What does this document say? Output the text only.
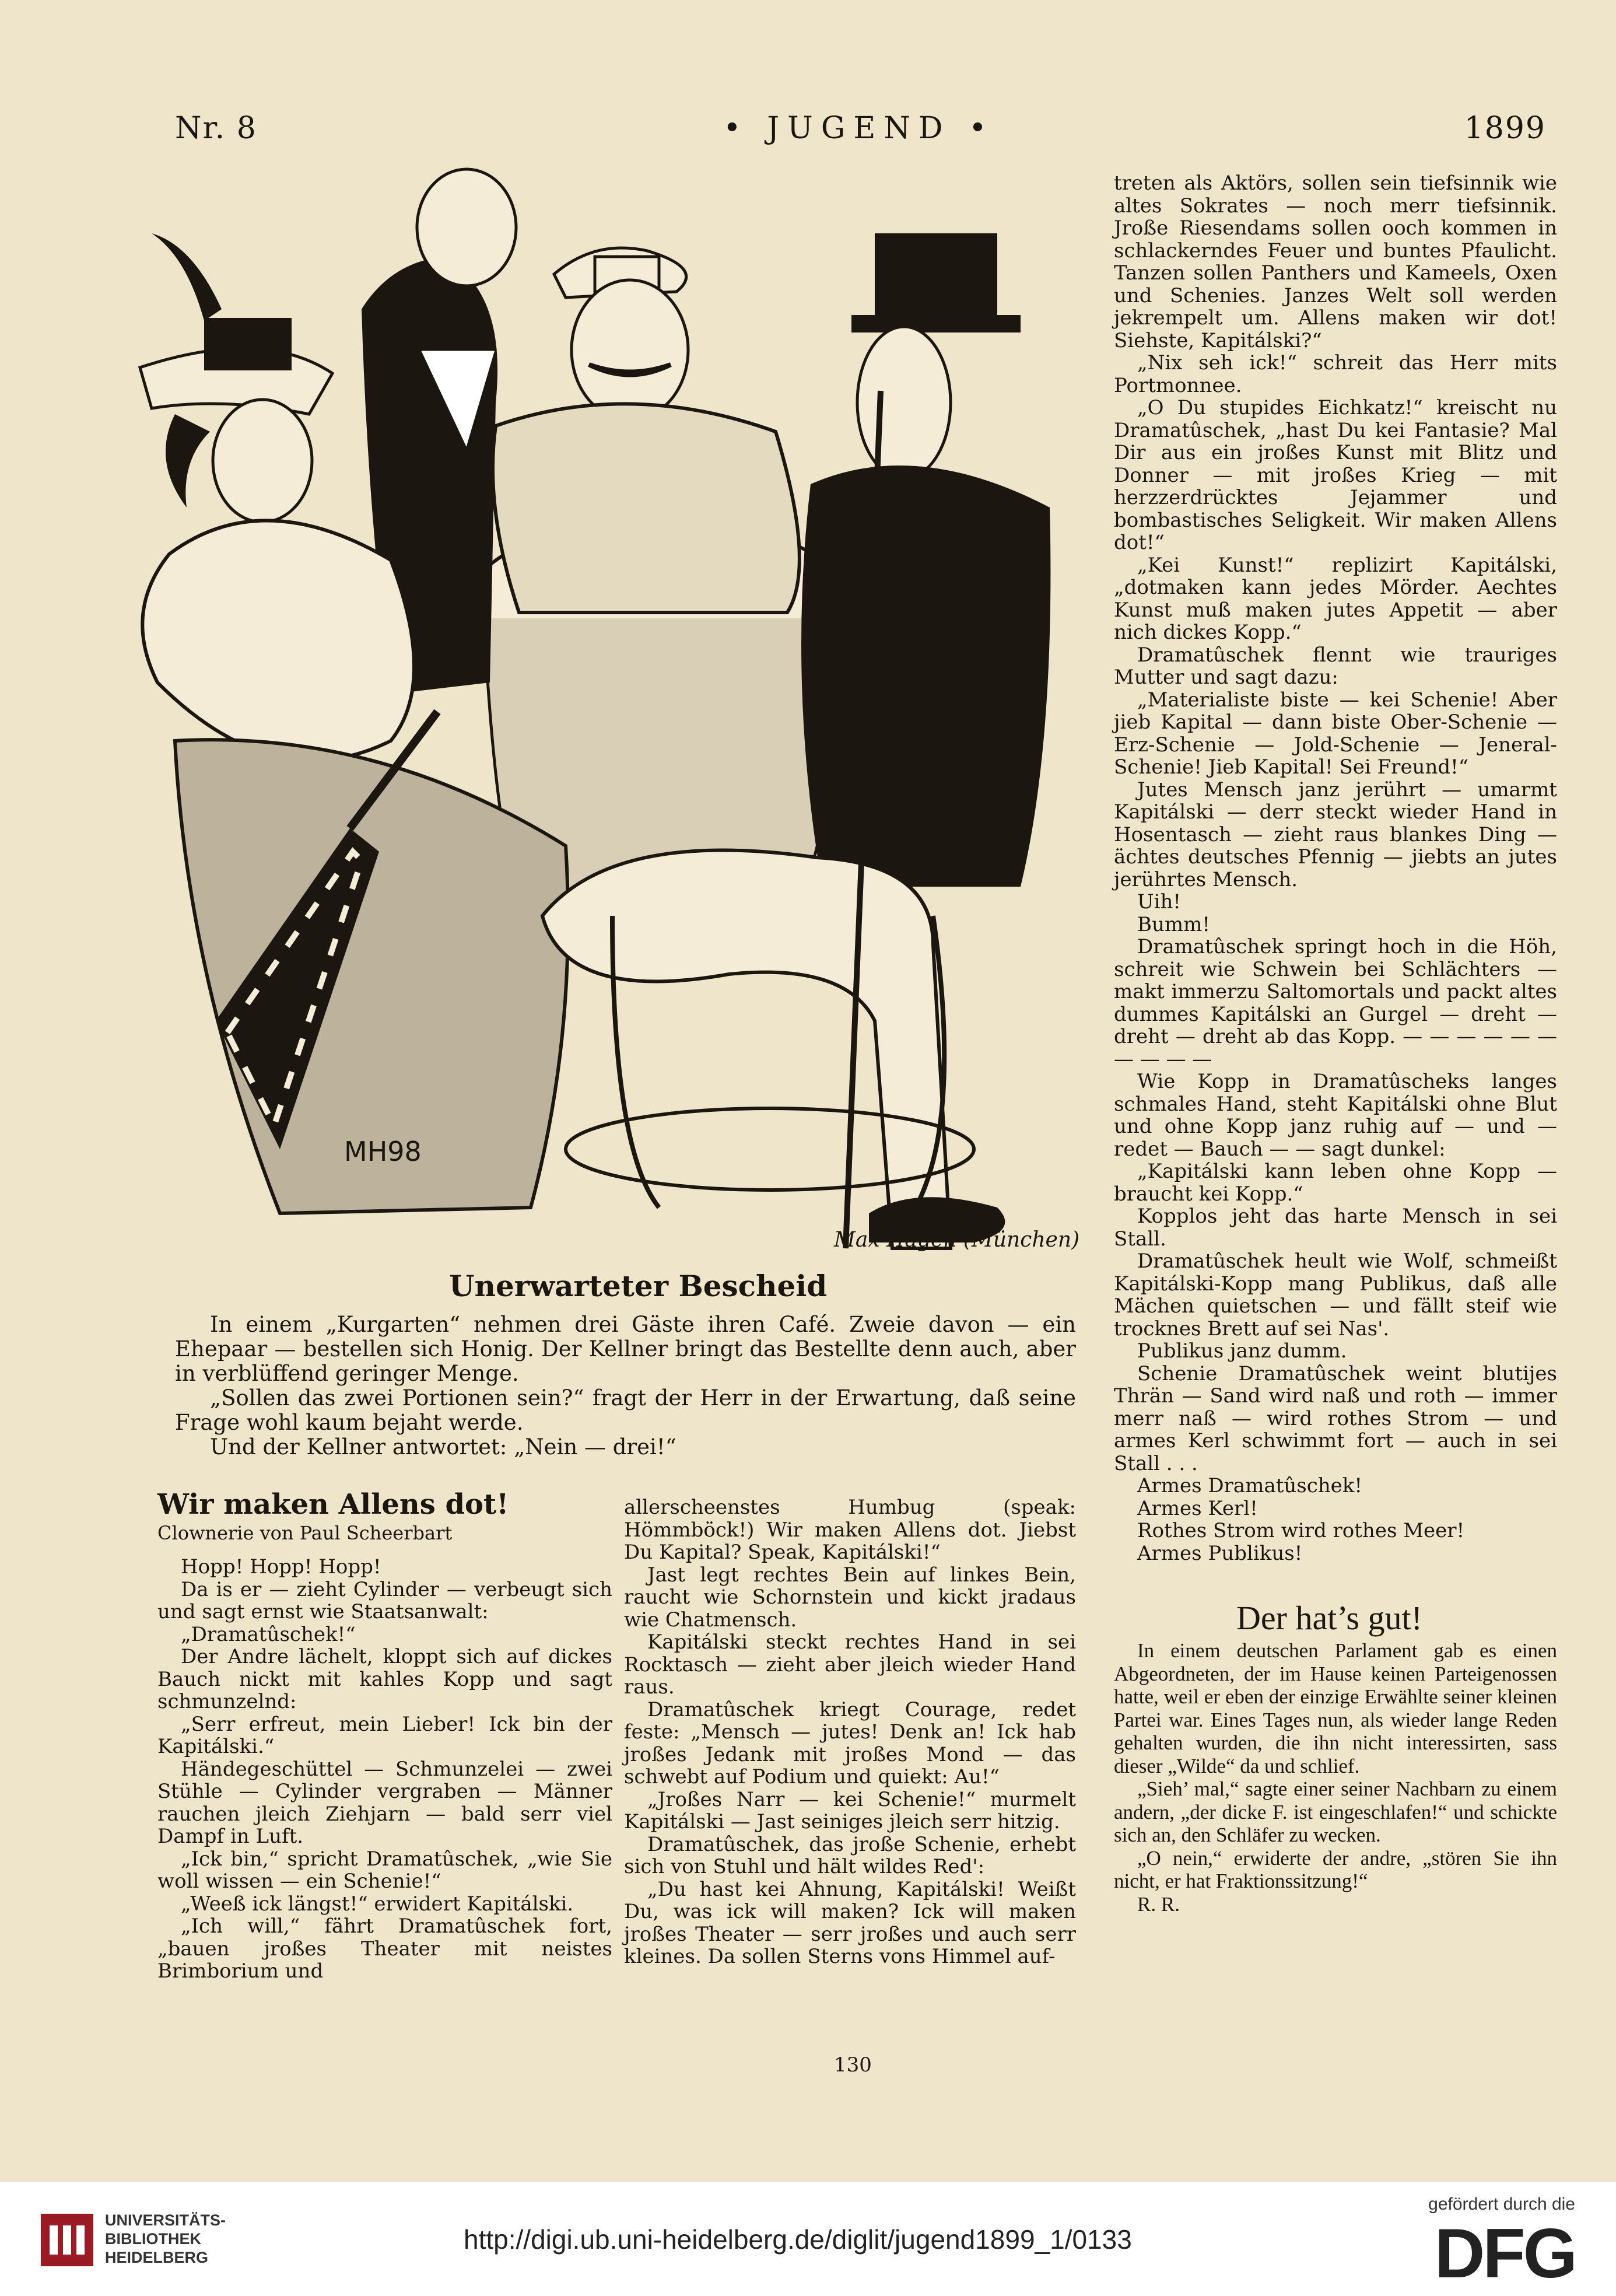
Nr. 8	• JUGEND •	1899
MH98
Max Hagen (München)
Unerwarteter Bescheid

In einem „Kurgarten“ nehmen drei Gäste ihren Café. Zweie davon — ein Ehepaar — bestellen sich Honig. Der Kellner bringt das Bestellte denn auch, aber in verblüffend geringer Menge.

„Sollen das zwei Portionen sein?“ fragt der Herr in der Erwartung, daß seine Frage wohl kaum bejaht werde.

Und der Kellner antwortet: „Nein — drei!“

Wir maken Allens dot!

Clownerie von Paul Scheerbart

Hopp! Hopp! Hopp!

Da is er — zieht Cylinder — verbeugt sich und sagt ernst wie Staatsanwalt:

„Dramatûschek!“

Der Andre lächelt, kloppt sich auf dickes Bauch nickt mit kahles Kopp und sagt schmunzelnd:

„Serr erfreut, mein Lieber! Ick bin der Kapitálski.“

Händegeschüttel — Schmunzelei — zwei Stühle — Cylinder vergraben — Männer rauchen jleich Ziehjarn — bald serr viel Dampf in Luft.

„Ick bin,“ spricht Dramatûschek, „wie Sie woll wissen — ein Schenie!“

„Weeß ick längst!“ erwidert Kapitálski.

„Ich will,“ fährt Dramatûschek fort, „bauen jroßes Theater mit neistes Brimborium und

allerscheenstes Humbug (speak: Hömmböck!) Wir maken Allens dot. Jiebst Du Kapital? Speak, Kapitálski!“

Jast legt rechtes Bein auf linkes Bein, raucht wie Schornstein und kickt jradaus wie Chatmensch.

Kapitálski steckt rechtes Hand in sei Rocktasch — zieht aber jleich wieder Hand raus.

Dramatûschek kriegt Courage, redet feste: „Mensch — jutes! Denk an! Ick hab jroßes Jedank mit jroßes Mond — das schwebt auf Podium und quiekt: Au!“

„Jroßes Narr — kei Schenie!“ murmelt Kapitálski — Jast seiniges jleich serr hitzig.

Dramatûschek, das jroße Schenie, erhebt sich von Stuhl und hält wildes Red':

„Du hast kei Ahnung, Kapitálski! Weißt Du, was ick will maken? Ick will maken jroßes Theater — serr jroßes und auch serr kleines. Da sollen Sterns vons Himmel auf-

treten als Aktörs, sollen sein tiefsinnik wie altes Sokrates — noch merr tiefsinnik. Jroße Riesendams sollen ooch kommen in schlackerndes Feuer und buntes Pfaulicht. Tanzen sollen Panthers und Kameels, Oxen und Schenies. Janzes Welt soll werden jekrempelt um. Allens maken wir dot! Siehste, Kapitálski?“

„Nix seh ick!“ schreit das Herr mits Portmonnee.

„O Du stupides Eichkatz!“ kreischt nu Dramatûschek, „hast Du kei Fantasie? Mal Dir aus ein jroßes Kunst mit Blitz und Donner — mit jroßes Krieg — mit herzzerdrücktes Jejammer und bombastisches Seligkeit. Wir maken Allens dot!“

„Kei Kunst!“ replizirt Kapitálski, „dotmaken kann jedes Mörder. Aechtes Kunst muß maken jutes Appetit — aber nich dickes Kopp.“

Dramatûschek flennt wie trauriges Mutter und sagt dazu:

„Materialiste biste — kei Schenie! Aber jieb Kapital — dann biste Ober-Schenie — Erz-Schenie — Jold-Schenie — Jeneral-Schenie! Jieb Kapital! Sei Freund!“

Jutes Mensch janz jerührt — umarmt Kapitálski — derr steckt wieder Hand in Hosentasch — zieht raus blankes Ding — ächtes deutsches Pfennig — jiebts an jutes jerührtes Mensch.

Uih!

Bumm!

Dramatûschek springt hoch in die Höh, schreit wie Schwein bei Schlächters — makt immerzu Saltomortals und packt altes dummes Kapitálski an Gurgel — dreht — dreht — dreht ab das Kopp. — — — — — — — — — —

Wie Kopp in Dramatûscheks langes schmales Hand, steht Kapitálski ohne Blut und ohne Kopp janz ruhig auf — und — redet — Bauch — — sagt dunkel:

„Kapitálski kann leben ohne Kopp — braucht kei Kopp.“

Kopplos jeht das harte Mensch in sei Stall.

Dramatûschek heult wie Wolf, schmeißt Kapitálski-Kopp mang Publikus, daß alle Mächen quietschen — und fällt steif wie trocknes Brett auf sei Nas'.

Publikus janz dumm.

Schenie Dramatûschek weint blutijes Thrän — Sand wird naß und roth — immer merr naß — wird rothes Strom — und armes Kerl schwimmt fort — auch in sei Stall . . .

Armes Dramatûschek!

Armes Kerl!

Rothes Strom wird rothes Meer!

Armes Publikus!

Der hat’s gut!

In einem deutschen Parlament gab es einen Abgeordneten, der im Hause keinen Parteigenossen hatte, weil er eben der einzige Erwählte seiner kleinen Partei war. Eines Tages nun, als wieder lange Reden gehalten wurden, die ihn nicht interessirten, sass dieser „Wilde“ da und schlief.

„Sieh’ mal,“ sagte einer seiner Nachbarn zu einem andern, „der dicke F. ist eingeschlafen!“ und schickte sich an, den Schläfer zu wecken.

„O nein,“ erwiderte der andre, „stören Sie ihn nicht, er hat Fraktionssitzung!“

R. R.

130
UNIVERSITÄTS-
BIBLIOTHEK
HEIDELBERG
http://digi.ub.uni-heidelberg.de/diglit/jugend1899_1/0133
gefördert durch die
DFG
